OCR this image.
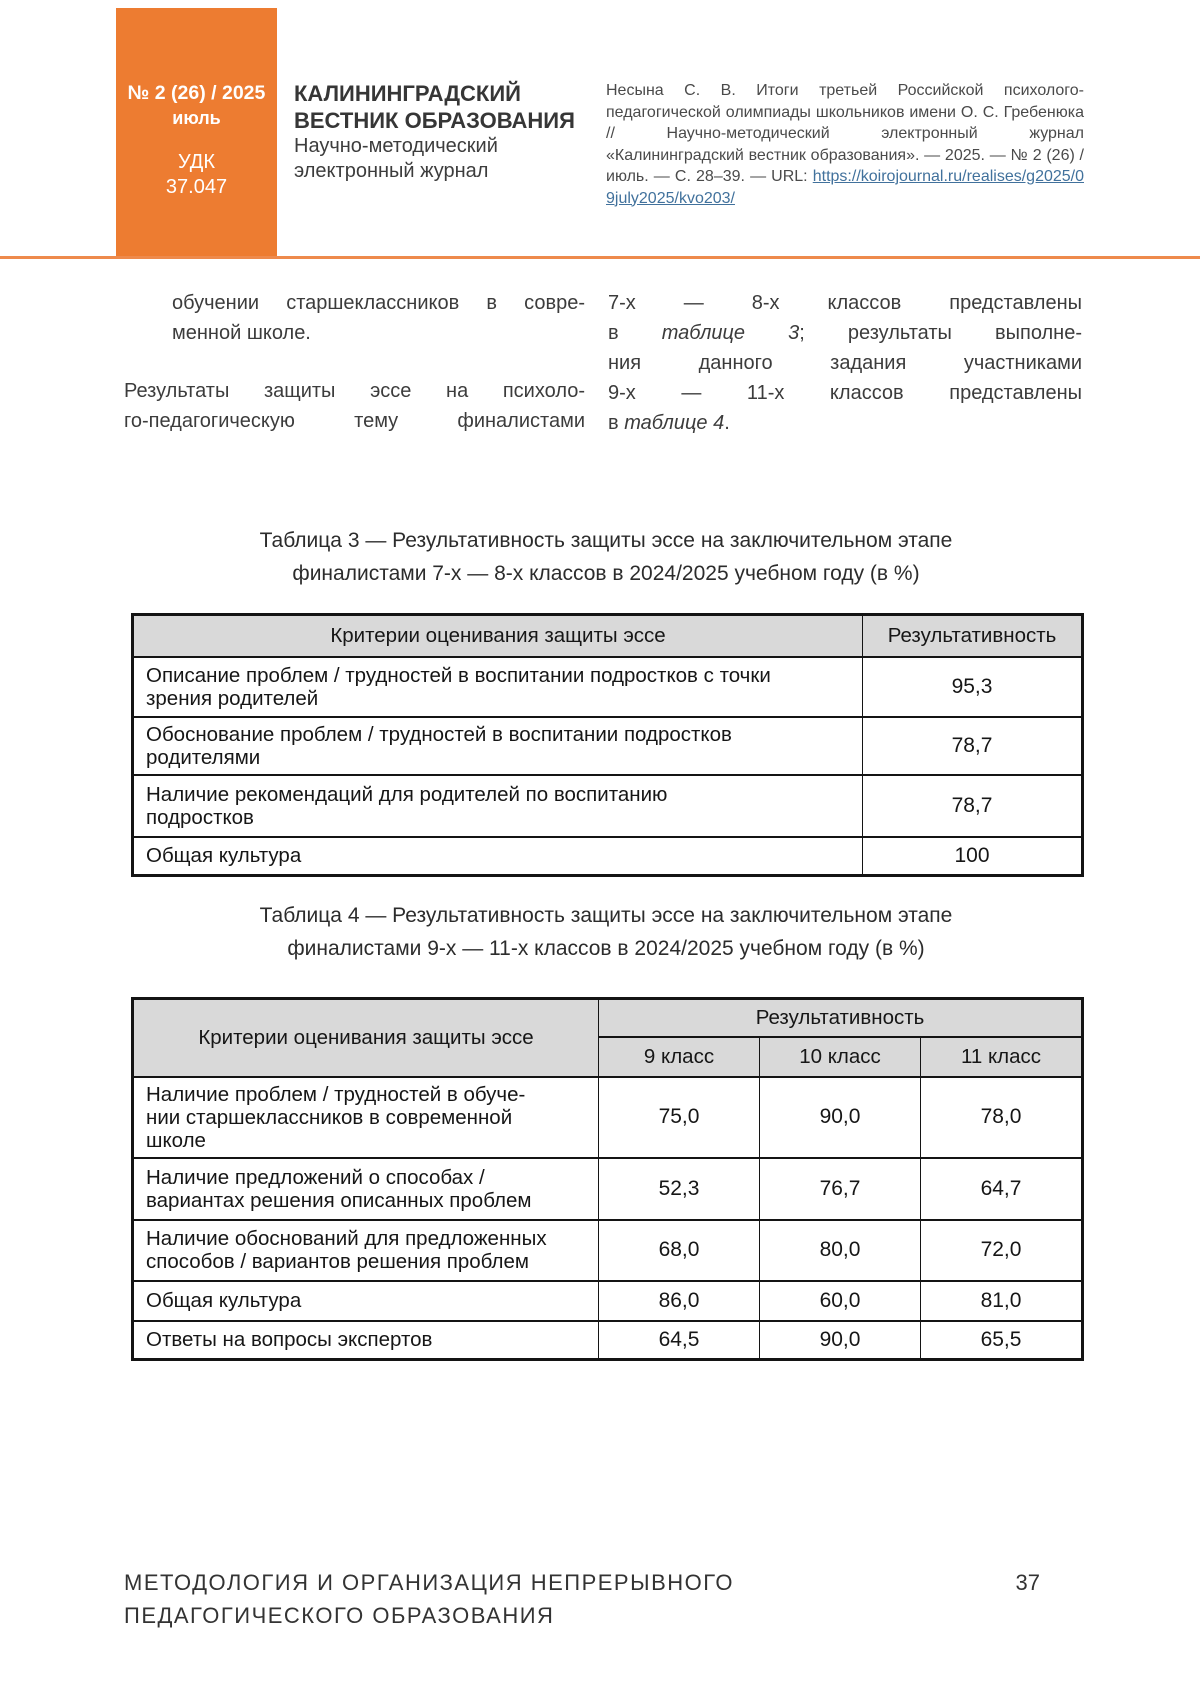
№ 2 (26) / 2025
июль
УДК
37.047
КАЛИНИНГРАДСКИЙ
ВЕСТНИК ОБРАЗОВАНИЯ
Научно-методический
электронный журнал

Несына С. В. Итоги третьей Российской психолого-педагогической олимпиады школьников имени О. С. Гребенюка // Научно-методический электронный журнал «Калининградский вестник образования». — 2025. — № 2 (26) / июль. — С. 28–39. — URL: https://koirojournal.ru/realises/g2025/09july2025/kvo203/

обучении старшеклассников в совре-
менной школе.
Результаты защиты эссе на психоло-
го-педагогическую тему финалистами
7-х — 8-х классов представлены
в таблице 3; результаты выполне-
ния данного задания участниками
9-х — 11-х классов представлены
в таблице 4.
Таблица 3 — Результативность защиты эссе на заключительном этапе
финалистами 7-х — 8-х классов в 2024/2025 учебном году (в %)
Критерии оценивания защиты эссе	Результативность
Описание проблем / трудностей в воспитании подростков с точки
зрения родителей	95,3
Обоснование проблем / трудностей в воспитании подростков
родителями	78,7
Наличие рекомендаций для родителей по воспитанию
подростков	78,7
Общая культура	100
Таблица 4 — Результативность защиты эссе на заключительном этапе
финалистами 9-х — 11-х классов в 2024/2025 учебном году (в %)
Критерии оценивания защиты эссе	Результативность		
	9 класс	10 класс	11 класс
Наличие проблем / трудностей в обуче-
нии старшеклассников в современной
школе	75,0	90,0	78,0
Наличие предложений о способах /
вариантах решения описанных проблем	52,3	76,7	64,7
Наличие обоснований для предложенных
способов / вариантов решения проблем	68,0	80,0	72,0
Общая культура	86,0	60,0	81,0
Ответы на вопросы экспертов	64,5	90,0	65,5
МЕТОДОЛОГИЯ И ОРГАНИЗАЦИЯ НЕПРЕРЫВНОГО
ПЕДАГОГИЧЕСКОГО ОБРАЗОВАНИЯ
37
